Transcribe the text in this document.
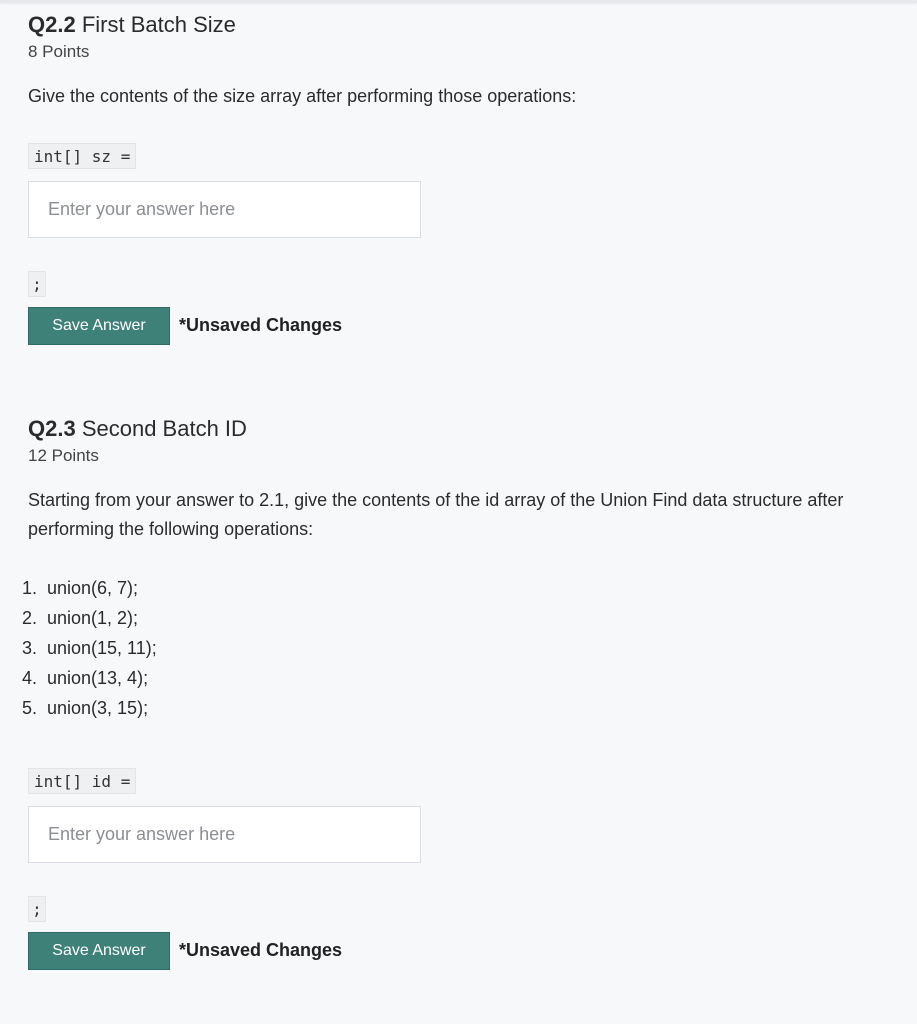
Q2.2 First Batch Size
8 Points
Give the contents of the size array after performing those operations:
int[] sz =
Enter your answer here
;
Save Answer	*Unsaved Changes
Q2.3 Second Batch ID
12 Points
Starting from your answer to 2.1, give the contents of the id array of the Union Find data structure after performing the following operations:
1. union(6, 7);
2. union(1, 2);
3. union(15, 11);
4. union(13, 4);
5. union(3, 15);
int[] id =
Enter your answer here
;
Save Answer	*Unsaved Changes
